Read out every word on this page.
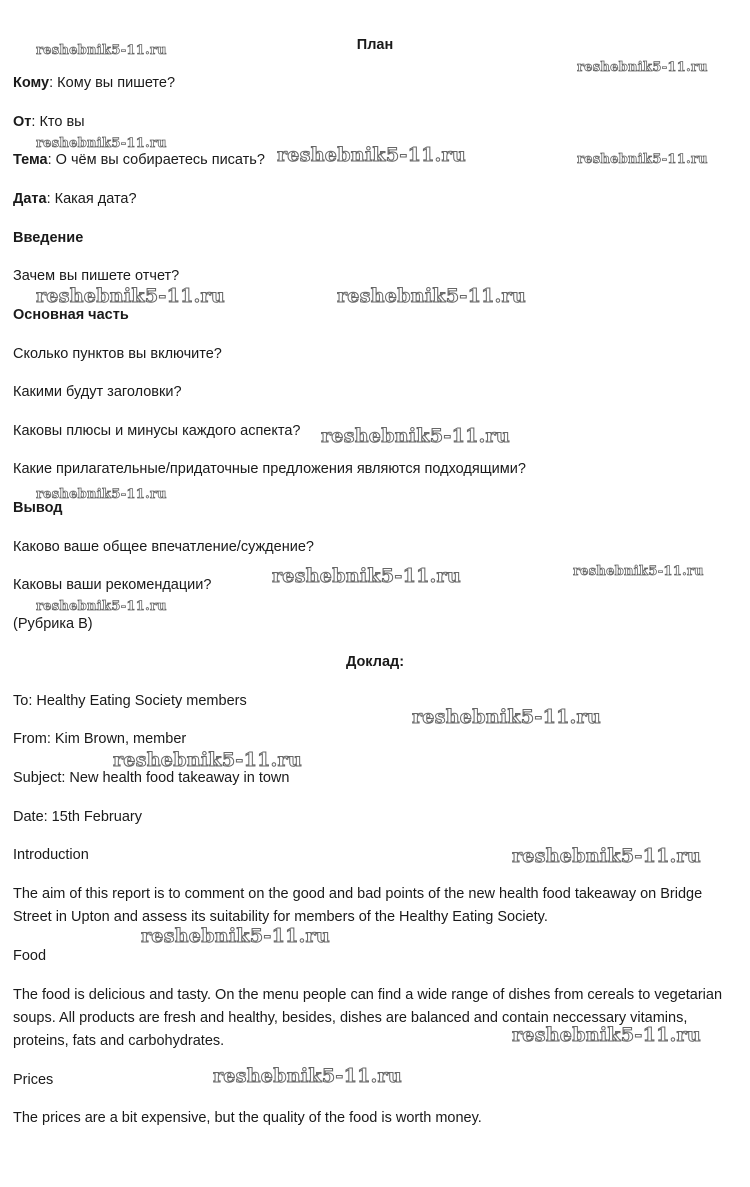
План
Кому: Кому вы пишете?
От: Кто вы
Тема: О чём вы собираетесь писать?
Дата: Какая дата?
Введение
Зачем вы пишете отчет?
Основная часть
Сколько пунктов вы включите?
Какими будут заголовки?
Каковы плюсы и минусы каждого аспекта?
Какие прилагательные/придаточные предложения являются подходящими?
Вывод
Каково ваше общее впечатление/суждение?
Каковы ваши рекомендации?
(Рубрика B)
Доклад:
To: Healthy Eating Society members
From: Kim Brown, member
Subject: New health food takeaway in town
Date: 15th February
Introduction
The aim of this report is to comment on the good and bad points of the new health food takeaway on Bridge Street in Upton and assess its suitability for members of the Healthy Eating Society.
Food
The food is delicious and tasty. On the menu people can find a wide range of dishes from cereals to vegetarian soups. All products are fresh and healthy, besides, dishes are balanced and contain neccessary vitamins, proteins, fats and carbohydrates.
Prices
The prices are a bit expensive, but the quality of the food is worth money.
reshebnik5-11.ru
reshebnik5-11.ru
reshebnik5-11.ru
reshebnik5-11.ru	reshebnik5-11.ru
reshebnik5-11.ru	reshebnik5-11.ru
reshebnik5-11.ru
reshebnik5-11.ru
reshebnik5-11.ru	reshebnik5-11.ru
reshebnik5-11.ru
reshebnik5-11.ru
reshebnik5-11.ru
reshebnik5-11.ru
reshebnik5-11.ru
reshebnik5-11.ru
reshebnik5-11.ru
